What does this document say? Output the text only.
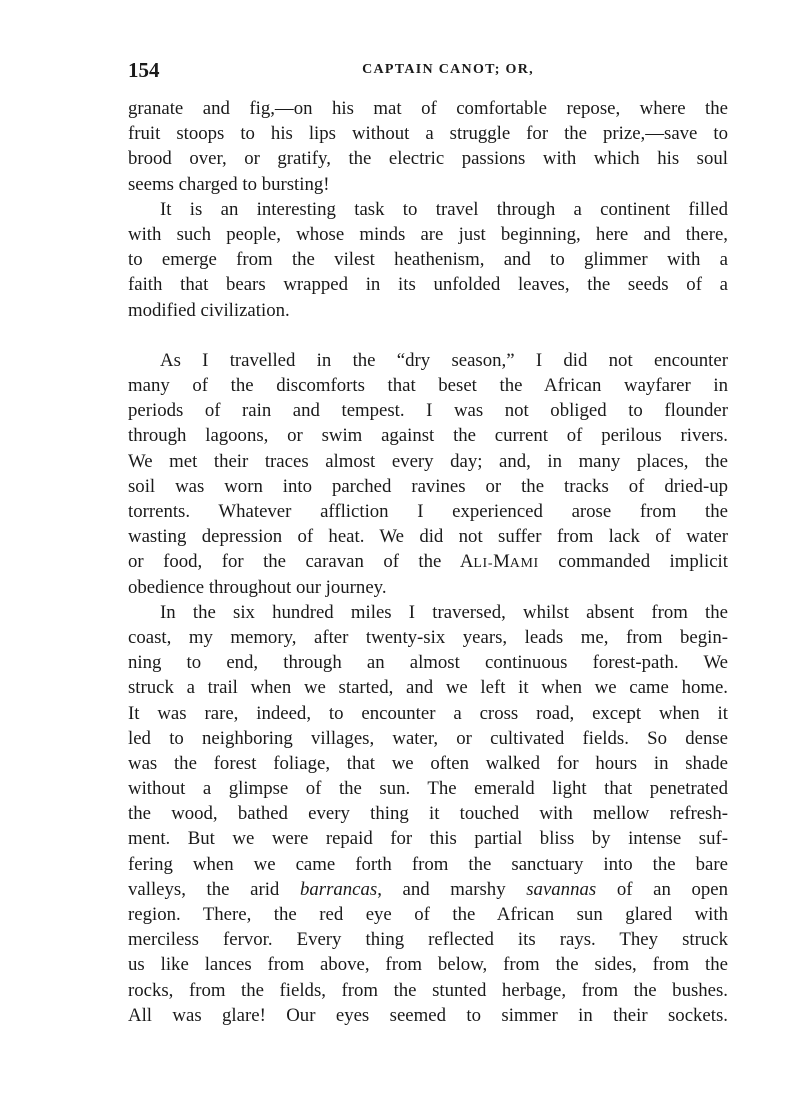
154	CAPTAIN CANOT; OR,
granate and fig,—on his mat of comfortable repose, where the
fruit stoops to his lips without a struggle for the prize,—save to
brood over, or gratify, the electric passions with which his soul
seems charged to bursting!
It is an interesting task to travel through a continent filled
with such people, whose minds are just beginning, here and there,
to emerge from the vilest heathenism, and to glimmer with a
faith that bears wrapped in its unfolded leaves, the seeds of a
modified civilization.
As I travelled in the “dry season,” I did not encounter
many of the discomforts that beset the African wayfarer in
periods of rain and tempest. I was not obliged to flounder
through lagoons, or swim against the current of perilous rivers.
We met their traces almost every day; and, in many places, the
soil was worn into parched ravines or the tracks of dried-up
torrents. Whatever affliction I experienced arose from the
wasting depression of heat. We did not suffer from lack of water
or food, for the caravan of the ALI-MAMI commanded implicit
obedience throughout our journey.
In the six hundred miles I traversed, whilst absent from the
coast, my memory, after twenty-six years, leads me, from begin-
ning to end, through an almost continuous forest-path. We
struck a trail when we started, and we left it when we came home.
It was rare, indeed, to encounter a cross road, except when it
led to neighboring villages, water, or cultivated fields. So dense
was the forest foliage, that we often walked for hours in shade
without a glimpse of the sun. The emerald light that penetrated
the wood, bathed every thing it touched with mellow refresh-
ment. But we were repaid for this partial bliss by intense suf-
fering when we came forth from the sanctuary into the bare
valleys, the arid barrancas, and marshy savannas of an open
region. There, the red eye of the African sun glared with
merciless fervor. Every thing reflected its rays. They struck
us like lances from above, from below, from the sides, from the
rocks, from the fields, from the stunted herbage, from the bushes.
All was glare! Our eyes seemed to simmer in their sockets.
